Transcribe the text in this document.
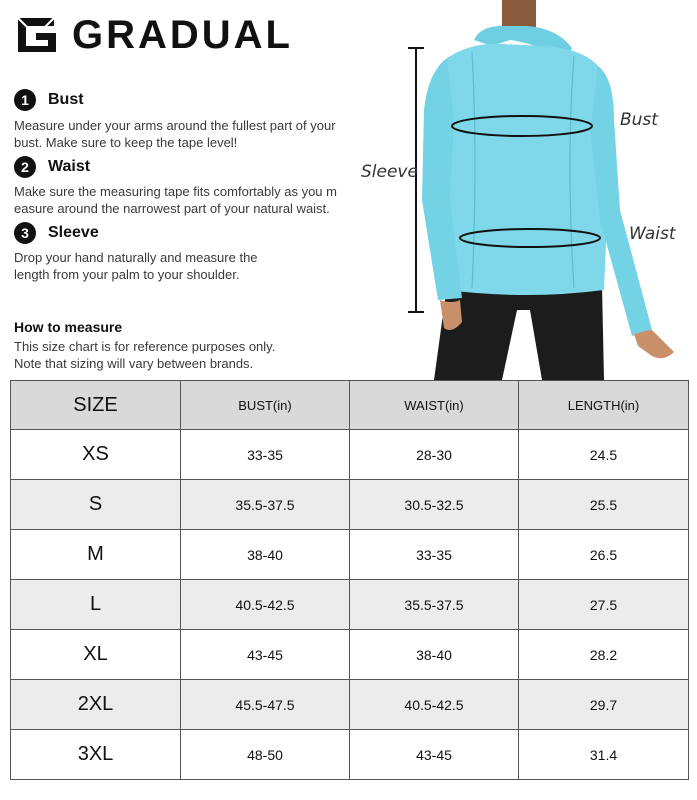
GRADUAL
1	Bust
Measure under your arms around the fullest part of your bust. Make sure to keep the tape level!
2	Waist
Make sure the measuring tape fits comfortably as you m easure around the narrowest part of your natural waist.
3	Sleeve
Drop your hand naturally and measure the length from your palm to your shoulder.
How to measure
This size chart is for reference purposes only.
Note that sizing will vary between brands.
Sleeve
Bust
Waist
SIZE	BUST(in)	WAIST(in)	LENGTH(in)
XS	33-35	28-30	24.5
S	35.5-37.5	30.5-32.5	25.5
M	38-40	33-35	26.5
L	40.5-42.5	35.5-37.5	27.5
XL	43-45	38-40	28.2
2XL	45.5-47.5	40.5-42.5	29.7
3XL	48-50	43-45	31.4
